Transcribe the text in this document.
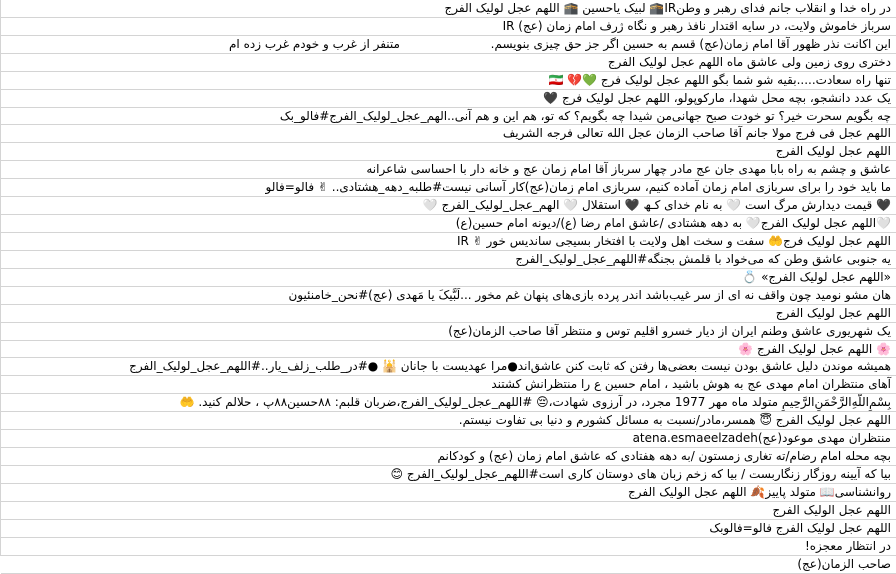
در راه خدا و انقلاب جانم فدای رهبر و وطنIR🕋 لبیک یاحسین 🕋 اللهم عجل لولیک الفرج
سرباز خاموش ولایت، در سایه اقتدار نافذ رهبر و نگاه ژرف امام زمان (عج) IR
این اکانت نذر ظهور آقا امام زمان(عج) قسم به حسین اگر جز حق چیزی بنویسم.
متنفر از غرب و خودم غرب زده ام
دختری روی زمین ولی عاشق ماه اللهم عجل لولیک الفرج
تنها راه سعادت.....بقیه شو شما بگو اللهم عجل لولیک فرج 💚💔 🇮🇷
یک عدد دانشجو، بچه محل شهدا، مارکوپولو، اللهم عجل لولیک فرج 🖤
چه بگویم سحرت خیر؟ تو خودت صبح جهانی‌من شیدا چه بگویم؟ که تو، هم این و هم آنی..الهم_عجل_لولیک_الفرج#فالو_بک
اللهم عجل فی فرج مولا جانم آقا صاحب الزمان عجل الله تعالی فرجه الشریف
اللهم عجل لولیک الفرج
عاشق و چشم به راه بابا مهدی جان عج مادر چهار سرباز آقا امام زمان عج و خانه دار با احساسی شاعرانه
ما باید خود را برای سربازی امام زمان آماده کنیم، سربازی امام زمان(عج)کار آسانی نیست#طلبه_دهه_هشتادی.. ✌ فالو=فالو
🖤 قیمت دیدارش مرگ است 🤍 به نام خدای کـﮫ 🖤 استقلال 🤍 الهم_عجل_لولیک_الفرج 🤍
🤍اللهم عجل لولیک الفرج🤍 به دهه هشتادی /عاشق امام رضا (ع)/دیونه امام حسین(ع)
اللهم عجل لولیک فرج🤲 سفت و سخت اهل ولایت با افتخار بسیجی ساندیس خور ✌ IR
یه جنوبی عاشق وطن که می‌خواد با قلمش بجنگه#اللهم_عجل_لولیک_الفرج
«اللهم عجل لولیک الفرج» 💍
هان مشو نومید چون واقف نه ای از سر غیب‌باشد اندر پرده بازی‌های پنهان غم مخور ...لَبَّیکَ یا مَهدی (عج)#نحن_خامنئیون
اللهم عجل لولیک الفرج
یک شهریوری عاشق وطنم ایران از دیار خسرو اقلیم توس و منتظر آقا صاحب الزمان(عج)
🌸 اللهم عجل لولیک الفرج 🌸
همیشه موندن دلیل عاشق بودن نیست بعضی‌ها رفتن که ثابت کنن عاشق‌اند●مرا عهدیست با جانان 🕌 ●#در_طلب_زلف_یار..#اللهم_عجل_لولیک_الفرج
آهای منتظران امام مهدی عج به هوش باشید ، امام حسین ع را منتظرانش کشتند
بِسْمِ‌اللَّهِ‌الرَّحْمَنِ‌الرَّحِیمِ متولد ماه مهر 1977 مجرد، در آرزوی شهادت،😔 #اللهم_عجل_لولیک_الفرج،ضربان قلبم: ۸۸حسین۸۸پ ، حلالم کنید. 🤲
اللهم عجل لولیک الفرج 😇 همسر،مادر/نسبت به مسائل کشورم و دنیا بی تفاوت نیستم.
منتظران مهدی موعود(عج)atena.esmaeelzadeh
بچه محله امام رضام/ته تغاری زمستون /به دهه هفتادی که عاشق امام زمان (عج) و کودکانم
بیا که آیینه روزگار زنگاربست / بیا که زخم زبان های دوستان کاری است#اللهم_عجل_لولیک_الفرج 😊
روانشناسی📖 متولد پاییز🍂 اللهم عجل الولیک الفرج
اللهم عجل الولیک الفرج
اللهم عجل لولیک الفرج فالو=فالوبک
در انتظار معجزه!
صاحب الزمان(عج)
